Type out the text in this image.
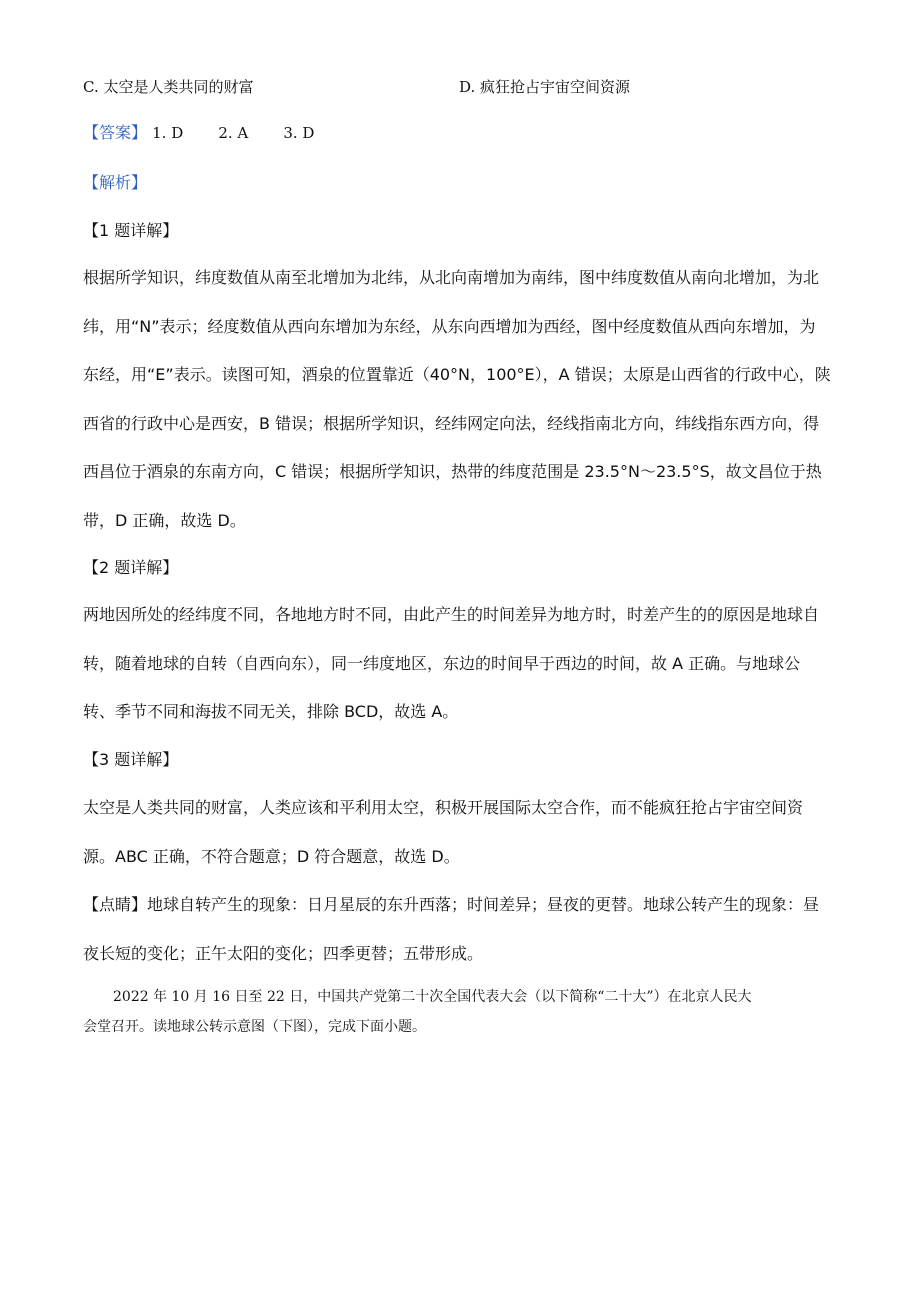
C. 太空是人类共同的财富	D. 疯狂抢占宇宙空间资源
【答案】 1. D 2. A 3. D
【解析】
【1 题详解】
根据所学知识，纬度数值从南至北增加为北纬，从北向南增加为南纬，图中纬度数值从南向北增加，为北
纬，用“N”表示；经度数值从西向东增加为东经，从东向西增加为西经，图中经度数值从西向东增加，为
东经，用“E”表示。读图可知，酒泉的位置靠近（40°N，100°E），A 错误；太原是山西省的行政中心，陕
西省的行政中心是西安，B 错误；根据所学知识，经纬网定向法，经线指南北方向，纬线指东西方向，得
西昌位于酒泉的东南方向，C 错误；根据所学知识，热带的纬度范围是 23.5°N～23.5°S，故文昌位于热
带，D 正确，故选 D。
【2 题详解】
两地因所处的经纬度不同，各地地方时不同，由此产生的时间差异为地方时，时差产生的的原因是地球自
转，随着地球的自转（自西向东），同一纬度地区，东边的时间早于西边的时间，故 A 正确。与地球公
转、季节不同和海拔不同无关，排除 BCD，故选 A。
【3 题详解】
太空是人类共同的财富，人类应该和平利用太空，积极开展国际太空合作，而不能疯狂抢占宇宙空间资
源。ABC 正确，不符合题意；D 符合题意，故选 D。
【点睛】地球自转产生的现象：日月星辰的东升西落；时间差异；昼夜的更替。地球公转产生的现象：昼
夜长短的变化；正午太阳的变化；四季更替；五带形成。
2022 年 10 月 16 日至 22 日，中国共产党第二十次全国代表大会（以下简称“二十大”）在北京人民大
会堂召开。读地球公转示意图（下图），完成下面小题。
